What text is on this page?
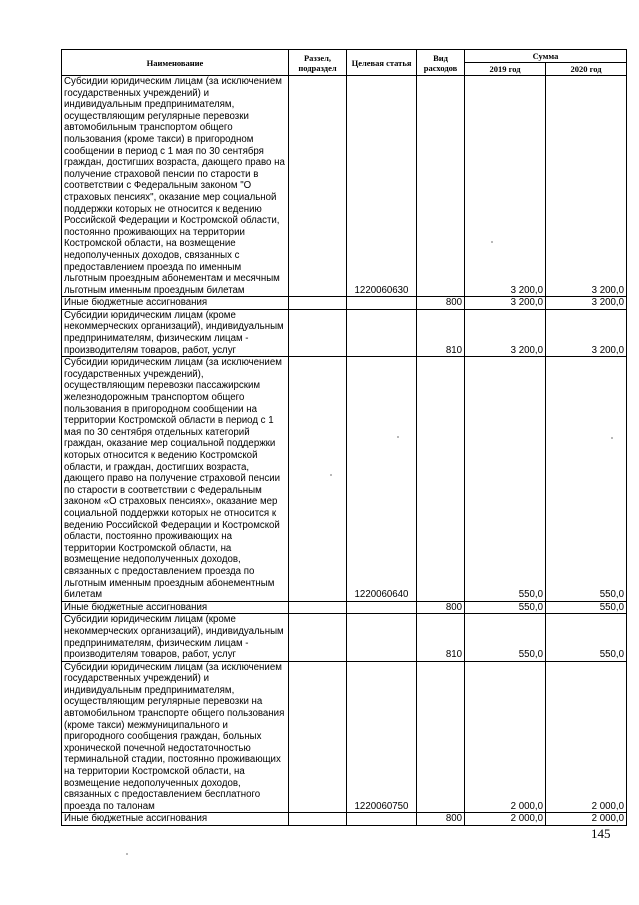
Наименование	Раззел, подраздел	Целевая статья	Вид расходов	Сумма	
				2019 год	2020 год
Субсидии юридическим лицам (за исключением государственных учреждений) и индивидуальным предпринимателям, осуществляющим регулярные перевозки автомобильным транспортом общего пользования (кроме такси) в пригородном сообщении в период с 1 мая по 30 сентября граждан, достигших возраста, дающего право на получение страховой пенсии по старости в соответствии с Федеральным законом "О страховых пенсиях", оказание мер социальной поддержки которых не относится к ведению Российской Федерации и Костромской области, постоянно проживающих на территории Костромской области, на возмещение недополученных доходов, связанных с предоставлением проезда по именным льготным проездным абонементам и месячным льготным именным проездным билетам		1220060630		3 200,0	3 200,0
Иные бюджетные ассигнования			800	3 200,0	3 200,0
Субсидии юридическим лицам (кроме некоммерческих организаций), индивидуальным предпринимателям, физическим лицам - производителям товаров, работ, услуг			810	3 200,0	3 200,0
Субсидии юридическим лицам (за исключением государственных учреждений), осуществляющим перевозки пассажирским железнодорожным транспортом общего пользования в пригородном сообщении на территории Костромской области в период с 1 мая по 30 сентября отдельных категорий граждан, оказание мер социальной поддержки которых относится к ведению Костромской области, и граждан, достигших возраста, дающего право на получение страховой пенсии по старости в соответствии с Федеральным законом «О страховых пенсиях», оказание мер социальной поддержки которых не относится к ведению Российской Федерации и Костромской области, постоянно проживающих на территории Костромской области, на возмещение недополученных доходов, связанных с предоставлением проезда по льготным именным проездным абонементным билетам		1220060640		550,0	550,0
Иные бюджетные ассигнования			800	550,0	550,0
Субсидии юридическим лицам (кроме некоммерческих организаций), индивидуальным предпринимателям, физическим лицам - производителям товаров, работ, услуг			810	550,0	550,0
Субсидии юридическим лицам (за исключением государственных учреждений) и индивидуальным предпринимателям, осуществляющим регулярные перевозки на автомобильном транспорте общего пользования (кроме такси) межмуниципального и пригородного сообщения граждан, больных хронической почечной недостаточностью терминальной стадии, постоянно проживающих на территории Костромской области, на возмещение недополученных доходов, связанных с предоставлением бесплатного проезда по талонам		1220060750		2 000,0	2 000,0
Иные бюджетные ассигнования			800	2 000,0	2 000,0
145
